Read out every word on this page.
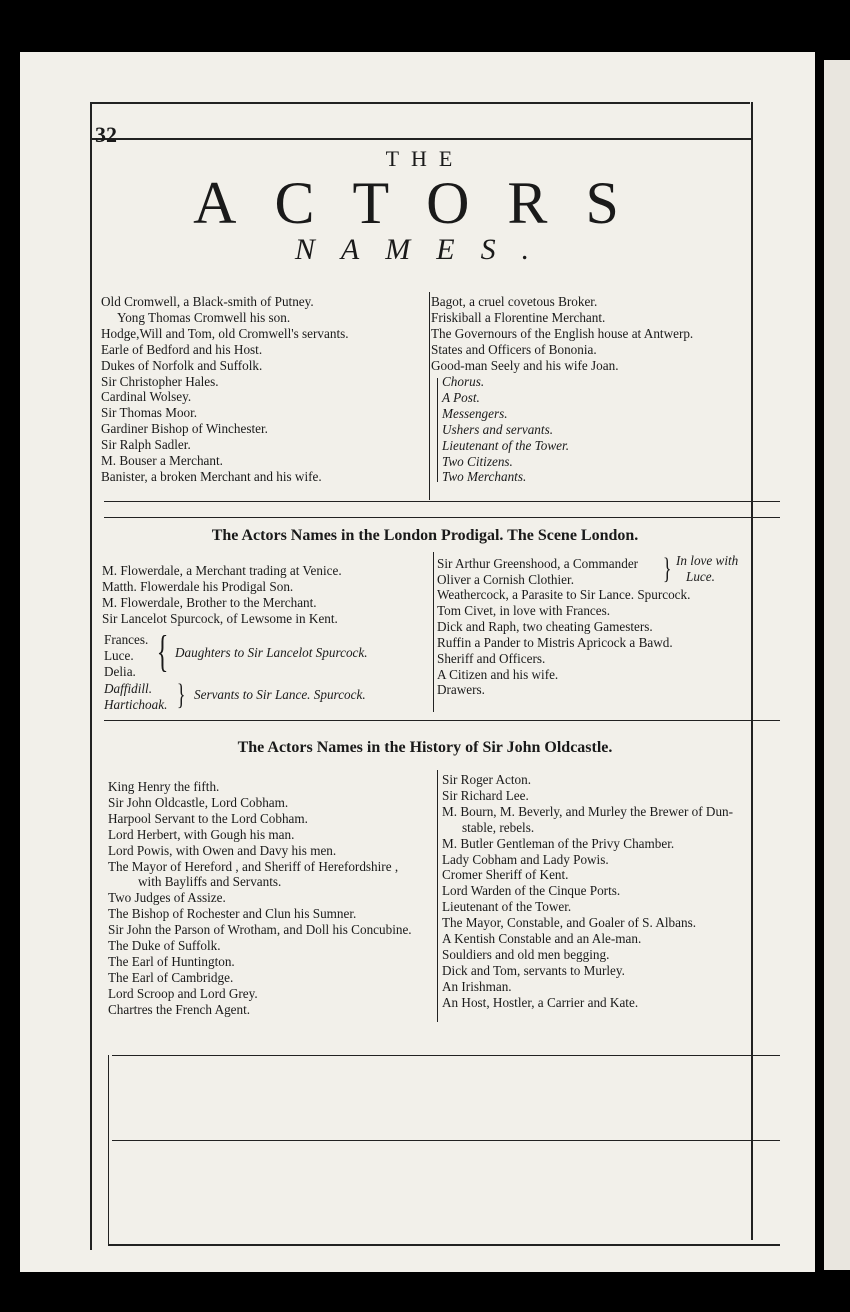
32
THE
ACTORS
NAMES.
Old Cromwell, a Black-smith of Putney.
Yong Thomas Cromwell his son.
Hodge,Will and Tom, old Cromwell's servants.
Earle of Bedford and his Host.
Dukes of Norfolk and Suffolk.
Sir Christopher Hales.
Cardinal Wolsey.
Sir Thomas Moor.
Gardiner Bishop of Winchester.
Sir Ralph Sadler.
M. Bouser a Merchant.
Banister, a broken Merchant and his wife.
Bagot, a cruel covetous Broker.
Friskiball a Florentine Merchant.
The Governours of the English house at Antwerp.
States and Officers of Bononia.
Good-man Seely and his wife Joan.
Chorus.
A Post.
Messengers.
Ushers and servants.
Lieutenant of the Tower.
Two Citizens.
Two Merchants.
The Actors Names in the London Prodigal. The Scene London.
M. Flowerdale, a Merchant trading at Venice.
Matth. Flowerdale his Prodigal Son.
M. Flowerdale, Brother to the Merchant.
Sir Lancelot Spurcock, of Lewsome in Kent.
Frances.
Luce.
Delia. { Daughters to Sir Lancelot Spurcock.
Daffidill.
Hartichoak. } Servants to Sir Lance. Spurcock.
Sir Arthur Greenshood, a Commander
Oliver a Cornish Clothier.	} In love with
Luce.
Weathercock, a Parasite to Sir Lance. Spurcock.
Tom Civet, in love with Frances.
Dick and Raph, two cheating Gamesters.
Ruffin a Pander to Mistris Apricock a Bawd.
Sheriff and Officers.
A Citizen and his wife.
Drawers.
The Actors Names in the History of Sir John Oldcastle.
King Henry the fifth.
Sir John Oldcastle, Lord Cobham.
Harpool Servant to the Lord Cobham.
Lord Herbert, with Gough his man.
Lord Powis, with Owen and Davy his men.
The Mayor of Hereford , and Sheriff of Herefordshire ,
with Bayliffs and Servants.
Two Judges of Assize.
The Bishop of Rochester and Clun his Sumner.
Sir John the Parson of Wrotham, and Doll his Concubine.
The Duke of Suffolk.
The Earl of Huntington.
The Earl of Cambridge.
Lord Scroop and Lord Grey.
Chartres the French Agent.
Sir Roger Acton.
Sir Richard Lee.
M. Bourn, M. Beverly, and Murley the Brewer of Dun-
stable, rebels.
M. Butler Gentleman of the Privy Chamber.
Lady Cobham and Lady Powis.
Cromer Sheriff of Kent.
Lord Warden of the Cinque Ports.
Lieutenant of the Tower.
The Mayor, Constable, and Goaler of S. Albans.
A Kentish Constable and an Ale-man.
Souldiers and old men begging.
Dick and Tom, servants to Murley.
An Irishman.
An Host, Hostler, a Carrier and Kate.
